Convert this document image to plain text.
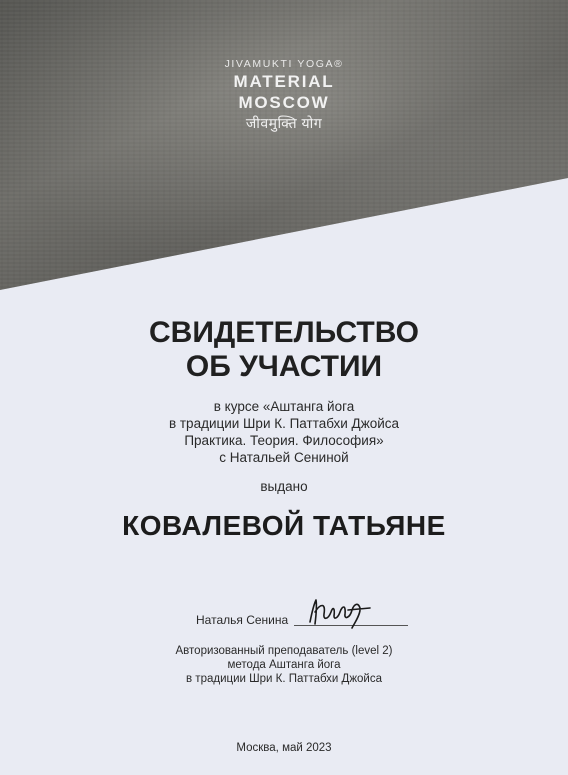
JIVAMUKTI YOGA®
MATERIAL
MOSCOW
जीवमुक्ति योग
СВИДЕТЕЛЬСТВО
ОБ УЧАСТИИ
в курсе «Аштанга йога
в традиции Шри К. Паттабхи Джойса
Практика. Теория. Философия»
с Натальей Сениной
выдано
КОВАЛЕВОЙ ТАТЬЯНЕ
Наталья Сенина
Авторизованный преподаватель (level 2)
метода Аштанга йога
в традиции Шри К. Паттабхи Джойса
Москва, май 2023
